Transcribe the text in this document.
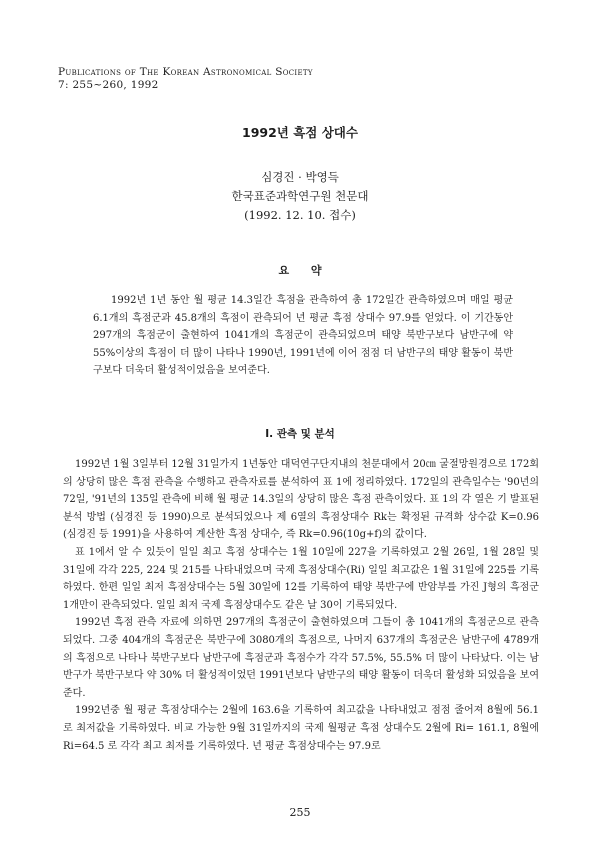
Publications of The Korean Astronomical Society
7: 255~260, 1992
1992년 흑점 상대수
심경진 · 박영득
한국표준과학연구원 천문대
(1992. 12. 10. 접수)
요 약
1992년 1년 동안 월 평균 14.3일간 흑점을 관측하여 총 172일간 관측하였으며 매일 평균 6.1개의 흑점군과 45.8개의 흑점이 관측되어 년 평균 흑점 상대수 97.9를 얻었다. 이 기간동안 297개의 흑점군이 출현하여 1041개의 흑점군이 관측되었으며 태양 북반구보다 남반구에 약 55%이상의 흑점이 더 많이 나타나 1990년, 1991년에 이어 점점 더 남반구의 태양 활동이 북반구보다 더욱더 활성적이었음을 보여준다.
I. 관측 및 분석

1992년 1월 3일부터 12월 31일가지 1년동안 대덕연구단지내의 천문대에서 20㎝ 굴절망원경으로 172회의 상당히 많은 흑점 관측을 수행하고 관측자료를 분석하여 표 1에 정리하였다. 172일의 관측일수는 '90년의 72일, '91년의 135일 관측에 비해 월 평균 14.3일의 상당히 많은 흑점 관측이었다. 표 1의 각 열은 기 발표된 분석 방법 (심경진 등 1990)으로 분석되었으나 제 6열의 흑점상대수 Rk는 확정된 규격화 상수값 K=0.96 (심경진 등 1991)을 사용하여 계산한 흑점 상대수, 즉 Rk=0.96(10g+f)의 값이다.

표 1에서 알 수 있듯이 일일 최고 흑점 상대수는 1월 10일에 227을 기록하였고 2월 26일, 1월 28일 및 31일에 각각 225, 224 및 215를 나타내었으며 국제 흑점상대수(Ri) 일일 최고값은 1월 31일에 225를 기록하였다. 한편 일일 최저 흑점상대수는 5월 30일에 12를 기록하여 태양 북반구에 반암부를 가진 J형의 흑점군 1개만이 관측되었다. 일일 최저 국제 흑점상대수도 같은 날 30이 기록되었다.

1992년 흑점 관측 자료에 의하면 297개의 흑점군이 출현하였으며 그들이 총 1041개의 흑점군으로 관측되었다. 그중 404개의 흑점군은 북반구에 3080개의 흑점으로, 나머지 637개의 흑점군은 남반구에 4789개의 흑점으로 나타나 북반구보다 남반구에 흑점군과 흑점수가 각각 57.5%, 55.5% 더 많이 나타났다. 이는 남반구가 북반구보다 약 30% 더 활성적이었던 1991년보다 남반구의 태양 활동이 더욱더 활성화 되었음을 보여준다.

1992년중 월 평균 흑점상대수는 2월에 163.6을 기록하여 최고값을 나타내었고 점점 줄어져 8월에 56.1로 최저값을 기록하였다. 비교 가능한 9월 31일까지의 국제 월평균 흑점 상대수도 2월에 Ri= 161.1, 8월에 Ri=64.5 로 각각 최고 최저를 기록하였다. 년 평균 흑점상대수는 97.9로

255
